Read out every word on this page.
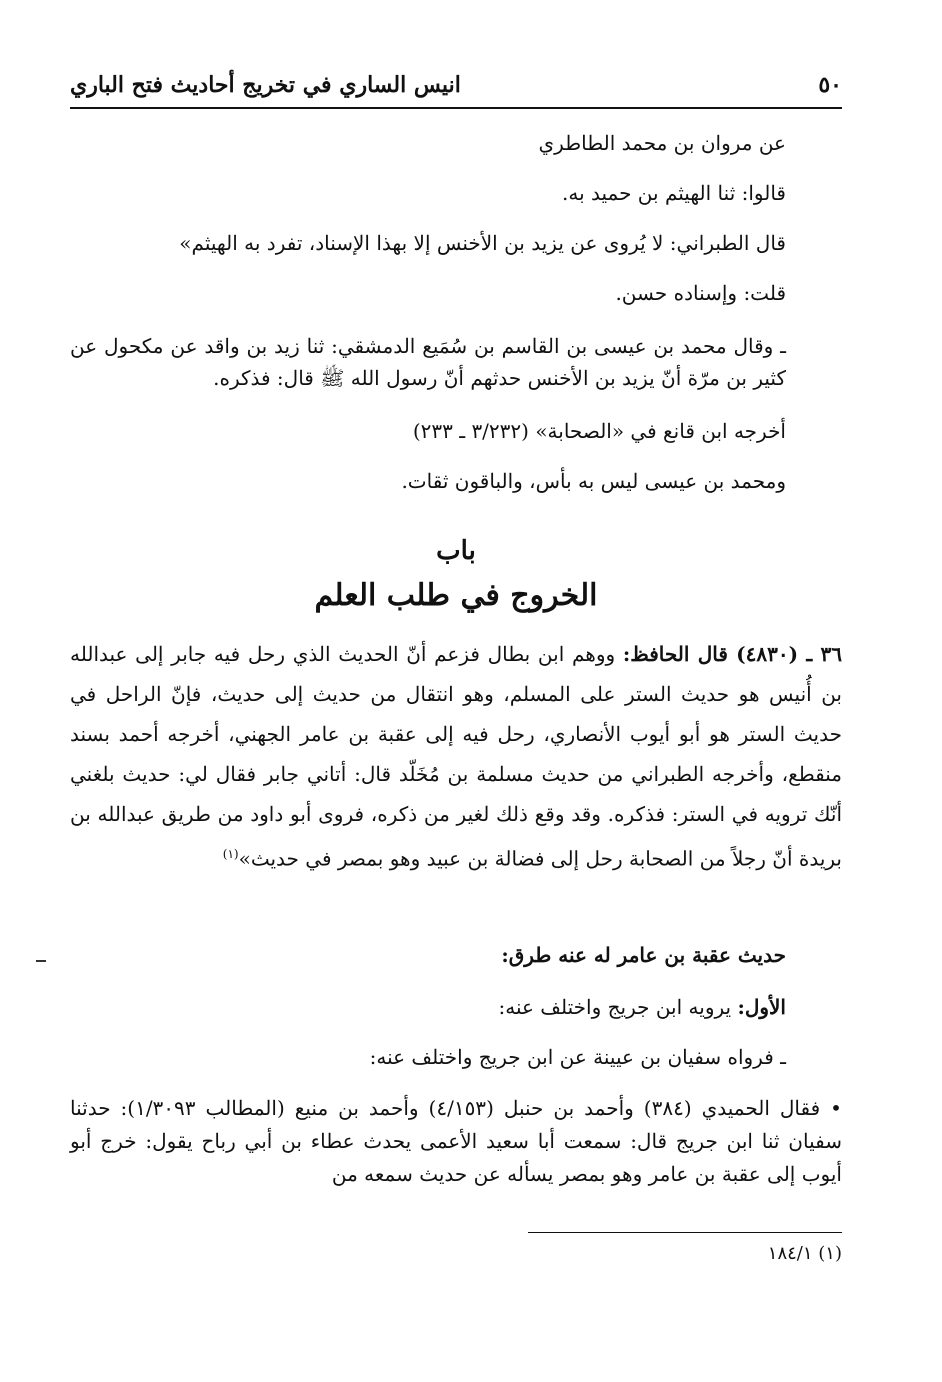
انيس الساري في تخريج أحاديث فتح الباري	٥٠
عن مروان بن محمد الطاطري
قالوا: ثنا الهيثم بن حميد به.
قال الطبراني: لا يُروى عن يزيد بن الأخنس إلا بهذا الإسناد، تفرد به الهيثم»
قلت: وإسناده حسن.
ـ وقال محمد بن عيسى بن القاسم بن سُمَيع الدمشقي: ثنا زيد بن واقد عن مكحول عن كثير بن مرّة أنّ يزيد بن الأخنس حدثهم أنّ رسول الله ﷺ قال: فذكره.
أخرجه ابن قانع في «الصحابة» (٣/٢٣٢ ـ ٢٣٣)
ومحمد بن عيسى ليس به بأس، والباقون ثقات.
باب
الخروج في طلب العلم
٣٦ ـ (٤٨٣٠) قال الحافظ: ووهم ابن بطال فزعم أنّ الحديث الذي رحل فيه جابر إلى عبدالله بن أُنيس هو حديث الستر على المسلم، وهو انتقال من حديث إلى حديث، فإنّ الراحل في حديث الستر هو أبو أيوب الأنصاري، رحل فيه إلى عقبة بن عامر الجهني، أخرجه أحمد بسند منقطع، وأخرجه الطبراني من حديث مسلمة بن مُخَلّد قال: أتاني جابر فقال لي: حديث بلغني أنّك ترويه في الستر: فذكره. وقد وقع ذلك لغير من ذكره، فروى أبو داود من طريق عبدالله بن بريدة أنّ رجلاً من الصحابة رحل إلى فضالة بن عبيد وهو بمصر في حديث»$^{(١)}$
حديث عقبة بن عامر له عنه طرق:
الأول: يرويه ابن جريج واختلف عنه:
ـ فرواه سفيان بن عيينة عن ابن جريج واختلف عنه:
• فقال الحميدي (٣٨٤) وأحمد بن حنبل (٤/١٥٣) وأحمد بن منيع (المطالب ١/٣٠٩٣): حدثنا سفيان ثنا ابن جريج قال: سمعت أبا سعيد الأعمى يحدث عطاء بن أبي رباح يقول: خرج أبو أيوب إلى عقبة بن عامر وهو بمصر يسأله عن حديث سمعه من
(١) ١٨٤/١
